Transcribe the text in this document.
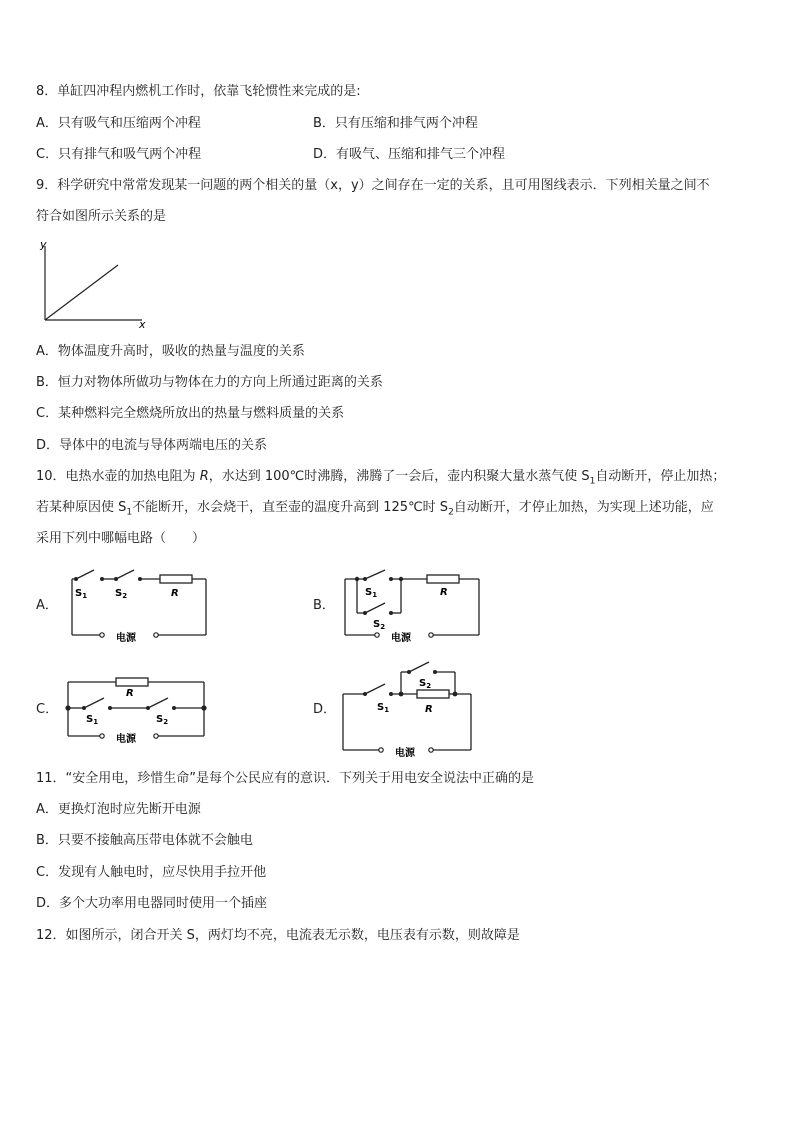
8．单缸四冲程内燃机工作时，依靠飞轮惯性来完成的是:
A．只有吸气和压缩两个冲程	B．只有压缩和排气两个冲程
C．只有排气和吸气两个冲程	D．有吸气、压缩和排气三个冲程
9．科学研究中常常发现某一问题的两个相关的量（x，y）之间存在一定的关系，且可用图线表示．下列相关量之间不
符合如图所示关系的是
y
x
A．物体温度升高时，吸收的热量与温度的关系
B．恒力对物体所做功与物体在力的方向上所通过距离的关系
C．某种燃料完全燃烧所放出的热量与燃料质量的关系
D．导体中的电流与导体两端电压的关系
10．电热水壶的加热电阻为 R，水达到 100℃时沸腾，沸腾了一会后，壶内积聚大量水蒸气使 $S_1$自动断开，停止加热；
若某种原因使 $S_1$不能断开，水会烧干，直至壶的温度升高到 125℃时 $S_2$自动断开，才停止加热，为实现上述功能，应
采用下列中哪幅电路（　　）
A．	B．
C．	D．
$S_1$	$S_2$	R
电源
$S_1$
$S_2$
R
电源
R
$S_1$	$S_2$
电源
$S_2$
$S_1$	R
电源
11．“安全用电，珍惜生命”是每个公民应有的意识．下列关于用电安全说法中正确的是
A．更换灯泡时应先断开电源
B．只要不接触高压带电体就不会触电
C．发现有人触电时，应尽快用手拉开他
D．多个大功率用电器同时使用一个插座
12．如图所示，闭合开关 S，两灯均不亮，电流表无示数，电压表有示数，则故障是
